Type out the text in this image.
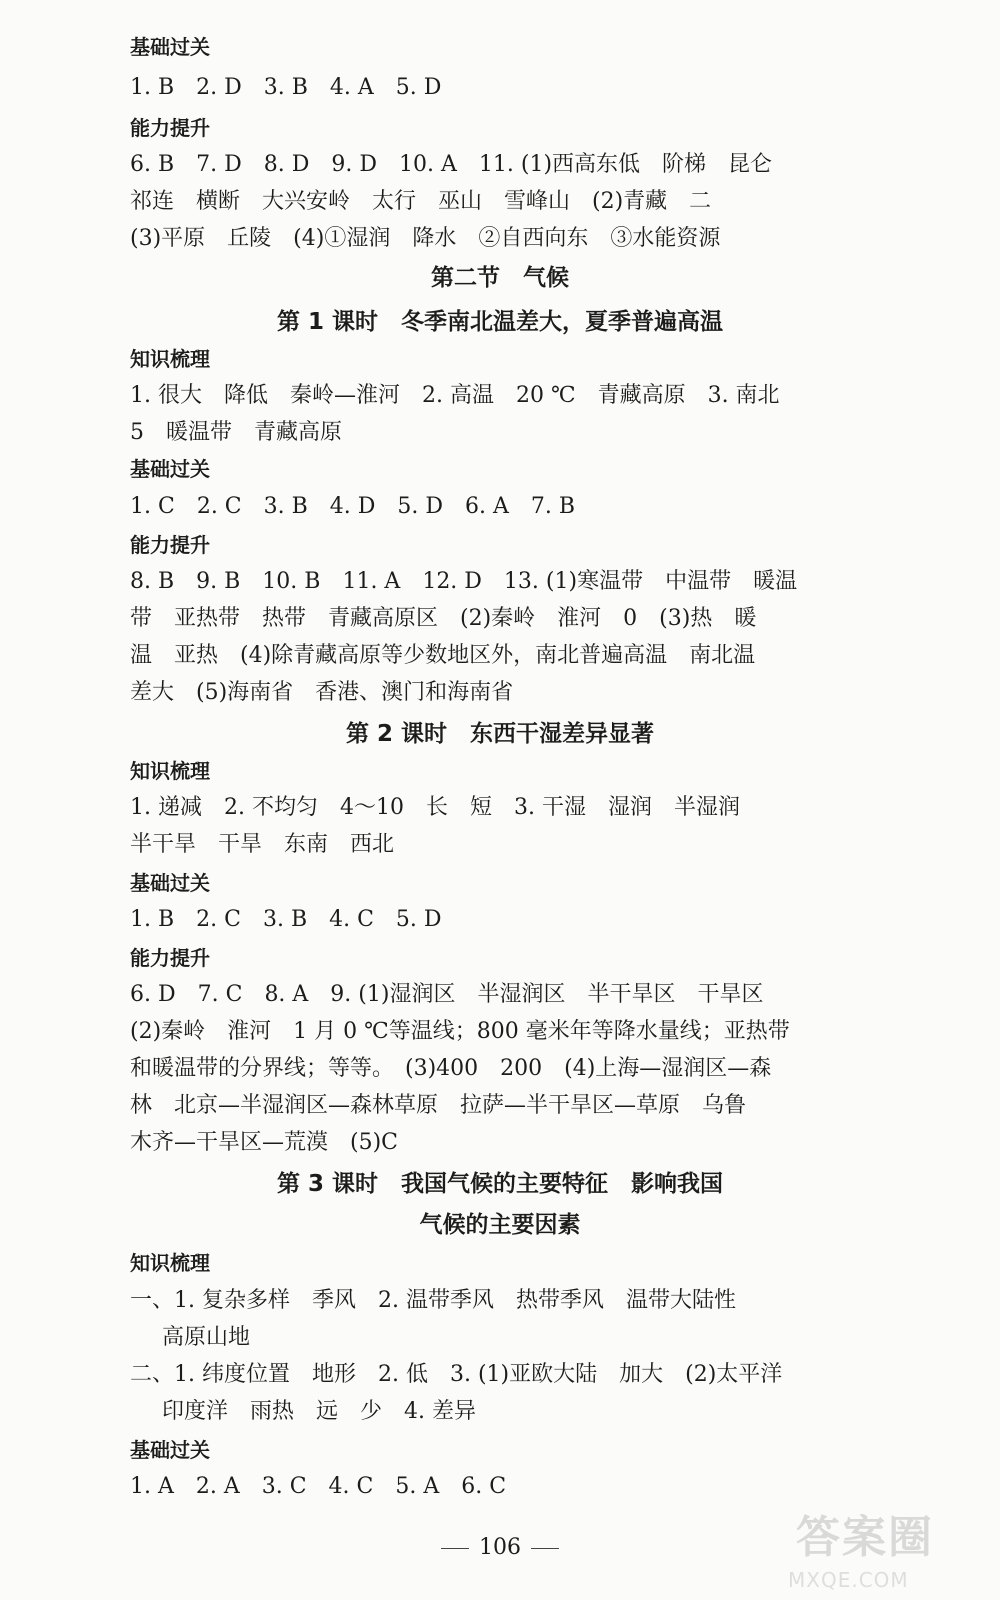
基础过关

1. B　2. D　3. B　4. A　5. D

能力提升

6. B　7. D　8. D　9. D　10. A　11. (1)西高东低　阶梯　昆仑

祁连　横断　大兴安岭　太行　巫山　雪峰山　(2)青藏　二

(3)平原　丘陵　(4)①湿润　降水　②自西向东　③水能资源

第二节　气候

第 1 课时　冬季南北温差大，夏季普遍高温

知识梳理

1. 很大　降低　秦岭—淮河　2. 高温　20 ℃　青藏高原　3. 南北

5　暖温带　青藏高原

基础过关

1. C　2. C　3. B　4. D　5. D　6. A　7. B

能力提升

8. B　9. B　10. B　11. A　12. D　13. (1)寒温带　中温带　暖温

带　亚热带　热带　青藏高原区　(2)秦岭　淮河　0　(3)热　暖

温　亚热　(4)除青藏高原等少数地区外，南北普遍高温　南北温

差大　(5)海南省　香港、澳门和海南省

第 2 课时　东西干湿差异显著

知识梳理

1. 递减　2. 不均匀　4～10　长　短　3. 干湿　湿润　半湿润

半干旱　干旱　东南　西北

基础过关

1. B　2. C　3. B　4. C　5. D

能力提升

6. D　7. C　8. A　9. (1)湿润区　半湿润区　半干旱区　干旱区

(2)秦岭　淮河　1 月 0 ℃等温线；800 毫米年等降水量线；亚热带

和暖温带的分界线；等等。　(3)400　200　(4)上海—湿润区—森

林　北京—半湿润区—森林草原　拉萨—半干旱区—草原　乌鲁

木齐—干旱区—荒漠　(5)C

第 3 课时　我国气候的主要特征　影响我国

气候的主要因素

知识梳理

一、1. 复杂多样　季风　2. 温带季风　热带季风　温带大陆性

高原山地

二、1. 纬度位置　地形　2. 低　3. (1)亚欧大陆　加大　(2)太平洋

印度洋　雨热　远　少　4. 差异

基础过关

1. A　2. A　3. C　4. C　5. A　6. C

106	答案圈
MXQE.COM
